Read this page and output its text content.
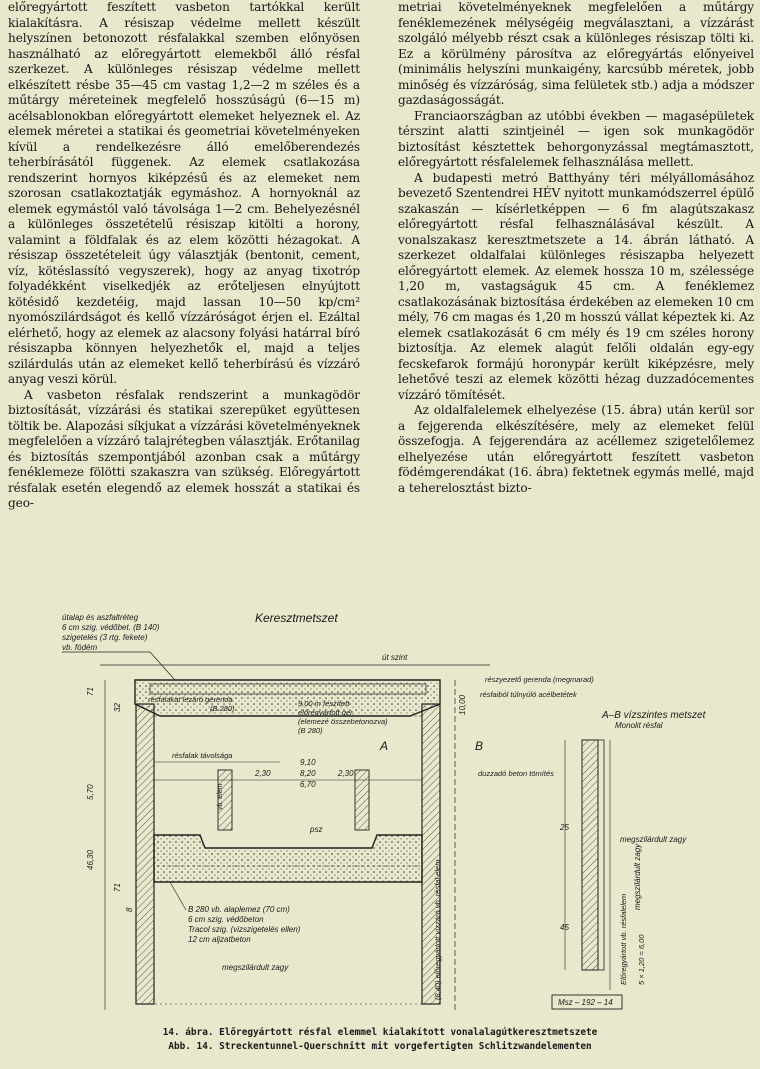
előregyártott feszített vasbeton tartókkal került kialakításra. A résiszap védelme mellett készült helyszínen betonozott résfalakkal szemben előnyösen használható az előregyártott elemekből álló résfal szerkezet. A különleges résiszap védelme mellett elkészített résbe 35—45 cm vastag 1,2—2 m széles és a műtárgy méreteinek megfelelő hosszúságú (6—15 m) acélsablonokban előregyártott elemeket helyeznek el. Az elemek méretei a statikai és geometriai követelményeken kívül a rendelkezésre álló emelőberendezés teherbírásától függenek. Az elemek csatlakozása rendszerint hornyos kiképzésű és az elemeket nem szorosan csatlakoztatják egymáshoz. A hornyoknál az elemek egymástól való távolsága 1—2 cm. Behelyezésnél a különleges összetételű résiszap kitölti a horony, valamint a földfalak és az elem közötti hézagokat. A résiszap összetételeit úgy választják (bentonit, cement, víz, kötéslassító vegyszerek), hogy az anyag tixotróp folyadékként viselkedjék az erőteljesen elnyújtott kötésidő kezdetéig, majd lassan 10—50 kp/cm² nyomószilárdságot és kellő vízzáróságot érjen el. Ezáltal elérhető, hogy az elemek az alacsony folyási határral bíró résiszapba könnyen helyezhetők el, majd a teljes szilárdulás után az elemeket kellő teherbírású és vízzáró anyag veszi körül.

A vasbeton résfalak rendszerint a munkagödör biztosítását, vízzárási és statikai szerepüket együttesen töltik be. Alapozási síkjukat a vízzárási követelményeknek megfelelően a vízzáró talajrétegben választják. Erőtanilag és biztosítás szempontjából azonban csak a műtárgy fenéklemeze fölötti szakaszra van szükség. Előregyártott résfalak esetén elegendő az elemek hosszát a statikai és geo-

metriai követelményeknek megfelelően a műtárgy fenéklemezének mélységéig megválasztani, a vízzárást szolgáló mélyebb részt csak a különleges résiszap tölti ki. Ez a körülmény párosítva az előregyártás előnyeivel (minimális helyszíni munkaigény, karcsúbb méretek, jobb minőség és vízzáróság, sima felületek stb.) adja a módszer gazdaságosságát.

Franciaországban az utóbbi években — magasépületek térszint alatti szintjeinél — igen sok munkagödör biztosítást késztettek behorgonyzással megtámasztott, előregyártott résfalelemek felhasználása mellett.

A budapesti metró Batthyány téri mélyállomásához bevezető Szentendrei HÉV nyitott munkamódszerrel épülő szakaszán — kísérletképpen — 6 fm alagútszakasz előregyártott résfal felhasználásával készült. A vonalszakasz keresztmetszete a 14. ábrán látható. A szerkezet oldalfalai különleges résiszapba helyezett előregyártott elemek. Az elemek hossza 10 m, szélessége 1,20 m, vastagságuk 45 cm. A fenéklemez csatlakozásának biztosítása érdekében az elemeken 10 cm mély, 76 cm magas és 1,20 m hosszú vállat képeztek ki. Az elemek csatlakozását 6 cm mély és 19 cm széles horony biztosítja. Az elemek alagút felőli oldalán egy-egy fecskefarok formájú horonypár került kiképzésre, mely lehetővé teszi az elemek közötti hézag duzzadócementes vízzáró tömítését.

Az oldalfalelemek elhelyezése (15. ábra) után kerül sor a fejgerenda elkészítésére, mely az elemeket felül összefogja. A fejgerendára az acéllemez szigetelőlemez elhelyezése után előregyártott feszített vasbeton födémgerendákat (16. ábra) fektetnek egymás mellé, majd a teherelosztást bizto-

Keresztmetszet
útalap és aszfaltréteg
6 cm szig. védőbet. (B 140)
szigetelés (3 rtg. fekete)
vb. födém
út szint
részyezető gerenda (megmarad)
résfaiból túlnyúló acélbetétek
9,00 m feszített
előregyártott ger.
(elemezé összebetonozva)
(B 280)
vb. elem
psz
résfalak távolsága
A	B
duzzadó beton tömítés
71
5,70
46,30
71
32
2,30	2,30
9,10
8,20
6,70
10,00
B 280 vb. alaplemez (70 cm)
6 cm szig. védőbeton
Tracol szig. (vizszigetelés ellen)
12 cm aljzatbeton
megszilárdult zagy
megszilárdult zagy
(8,40) előregyártott vízzáró vb. résfal elem
A–B vízszintes metszet
Monolit résfal
25
45
8	Előregyártott vb. résfalelem 5 × 1,20 = 6,00
Msz – 192 – 14
megszilárdult zagy
14. ábra. Előregyártott résfal elemmel kialakított vonalalagútkeresztmetszete
Abb. 14. Streckentunnel-Querschnitt mit vorgefertigten Schlitzwandelementen
